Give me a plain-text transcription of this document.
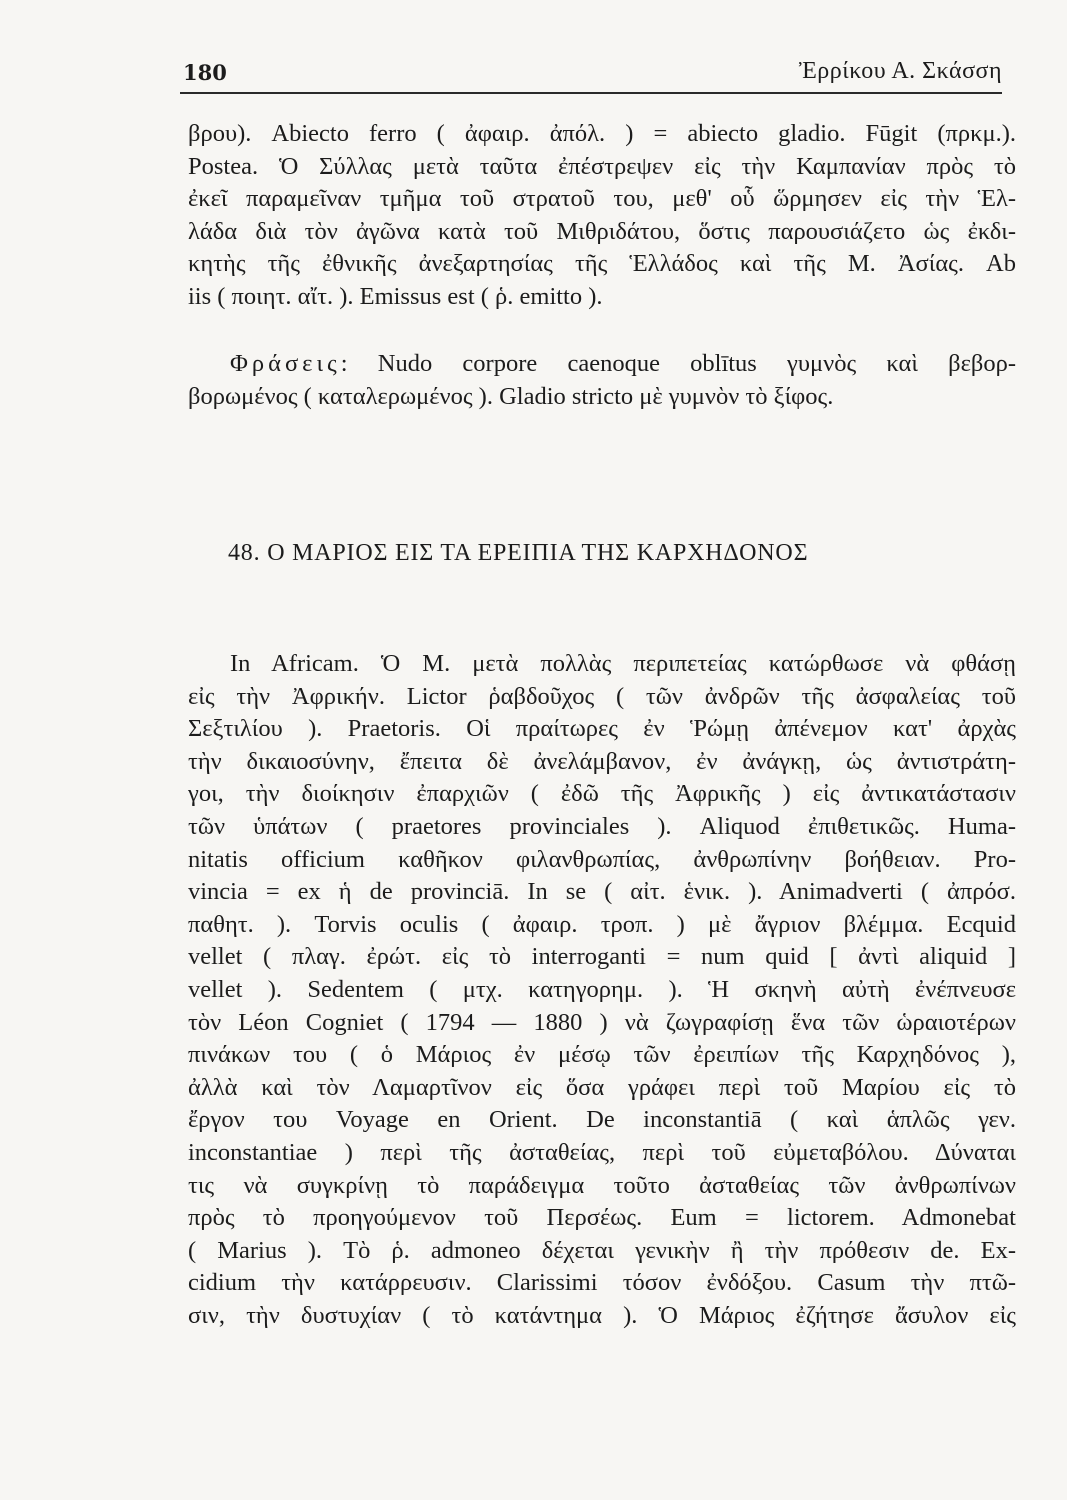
180	Ἐρρίκου Α. Σκάσση
βρου). Abiecto ferro ( ἀφαιρ. ἀπόλ. ) = abiecto gladio. Fūgit (πρκμ.).
Postea. Ὁ Σύλλας μετὰ ταῦτα ἐπέστρεψεν εἰς τὴν Καμπανίαν πρὸς τὸ
ἐκεῖ παραμεῖναν τμῆμα τοῦ στρατοῦ του, μεθ' οὗ ὥρμησεν εἰς τὴν Ἑλ-
λάδα διὰ τὸν ἀγῶνα κατὰ τοῦ Μιθριδάτου, ὅστις παρουσιάζετο ὡς ἐκδι-
κητὴς τῆς ἐθνικῆς ἀνεξαρτησίας τῆς Ἑλλάδος καὶ τῆς Μ. Ἀσίας. Ab
iis ( ποιητ. αἴτ. ). Emissus est ( ῥ. emitto ).
Φράσεις: Nudo corpore caenoque oblītus γυμνὸς καὶ βεβορ-
βορωμένος ( καταλερωμένος ). Gladio stricto μὲ γυμνὸν τὸ ξίφος.
48. Ο ΜΑΡΙΟΣ ΕΙΣ ΤΑ ΕΡΕΙΠΙΑ ΤΗΣ ΚΑΡΧΗΔΟΝΟΣ
In Africam. Ὁ Μ. μετὰ πολλὰς περιπετείας κατώρθωσε νὰ φθάσῃ
εἰς τὴν Ἀφρικήν. Lictor ῥαβδοῦχος ( τῶν ἀνδρῶν τῆς ἀσφαλείας τοῦ
Σεξτιλίου ). Praetoris. Οἱ πραίτωρες ἐν Ῥώμῃ ἀπένεμον κατ' ἀρχὰς
τὴν δικαιοσύνην, ἔπειτα δὲ ἀνελάμβανον, ἐν ἀνάγκῃ, ὡς ἀντιστράτη-
γοι, τὴν διοίκησιν ἐπαρχιῶν ( ἐδῶ τῆς Ἀφρικῆς ) εἰς ἀντικατάστασιν
τῶν ὑπάτων ( praetores provinciales ). Aliquod ἐπιθετικῶς. Huma-
nitatis officium καθῆκον φιλανθρωπίας, ἀνθρωπίνην βοήθειαν. Pro-
vincia = ex ἡ de provinciā. In se ( αἰτ. ἑνικ. ). Animadverti ( ἀπρόσ.
παθητ. ). Torvis oculis ( ἀφαιρ. τροπ. ) μὲ ἄγριον βλέμμα. Ecquid
vellet ( πλαγ. ἐρώτ. εἰς τὸ interroganti = num quid [ ἀντὶ aliquid ]
vellet ). Sedentem ( μτχ. κατηγορημ. ). Ἡ σκηνὴ αὐτὴ ἐνέπνευσε
τὸν Léon Cogniet ( 1794 — 1880 ) νὰ ζωγραφίσῃ ἕνα τῶν ὡραιοτέρων
πινάκων του ( ὁ Μάριος ἐν μέσῳ τῶν ἐρειπίων τῆς Καρχηδόνος ),
ἀλλὰ καὶ τὸν Λαμαρτῖνον εἰς ὅσα γράφει περὶ τοῦ Μαρίου εἰς τὸ
ἔργον του Voyage en Orient. De inconstantiā ( καὶ ἁπλῶς γεν.
inconstantiae ) περὶ τῆς ἀσταθείας, περὶ τοῦ εὐμεταβόλου. Δύναται
τις νὰ συγκρίνῃ τὸ παράδειγμα τοῦτο ἀσταθείας τῶν ἀνθρωπίνων
πρὸς τὸ προηγούμενον τοῦ Περσέως. Eum = lictorem. Admonebat
( Marius ). Τὸ ῥ. admoneo δέχεται γενικὴν ἢ τὴν πρόθεσιν de. Ex-
cidium τὴν κατάρρευσιν. Clarissimi τόσον ἐνδόξου. Casum τὴν πτῶ-
σιν, τὴν δυστυχίαν ( τὸ κατάντημα ). Ὁ Μάριος ἐζήτησε ἄσυλον εἰς
